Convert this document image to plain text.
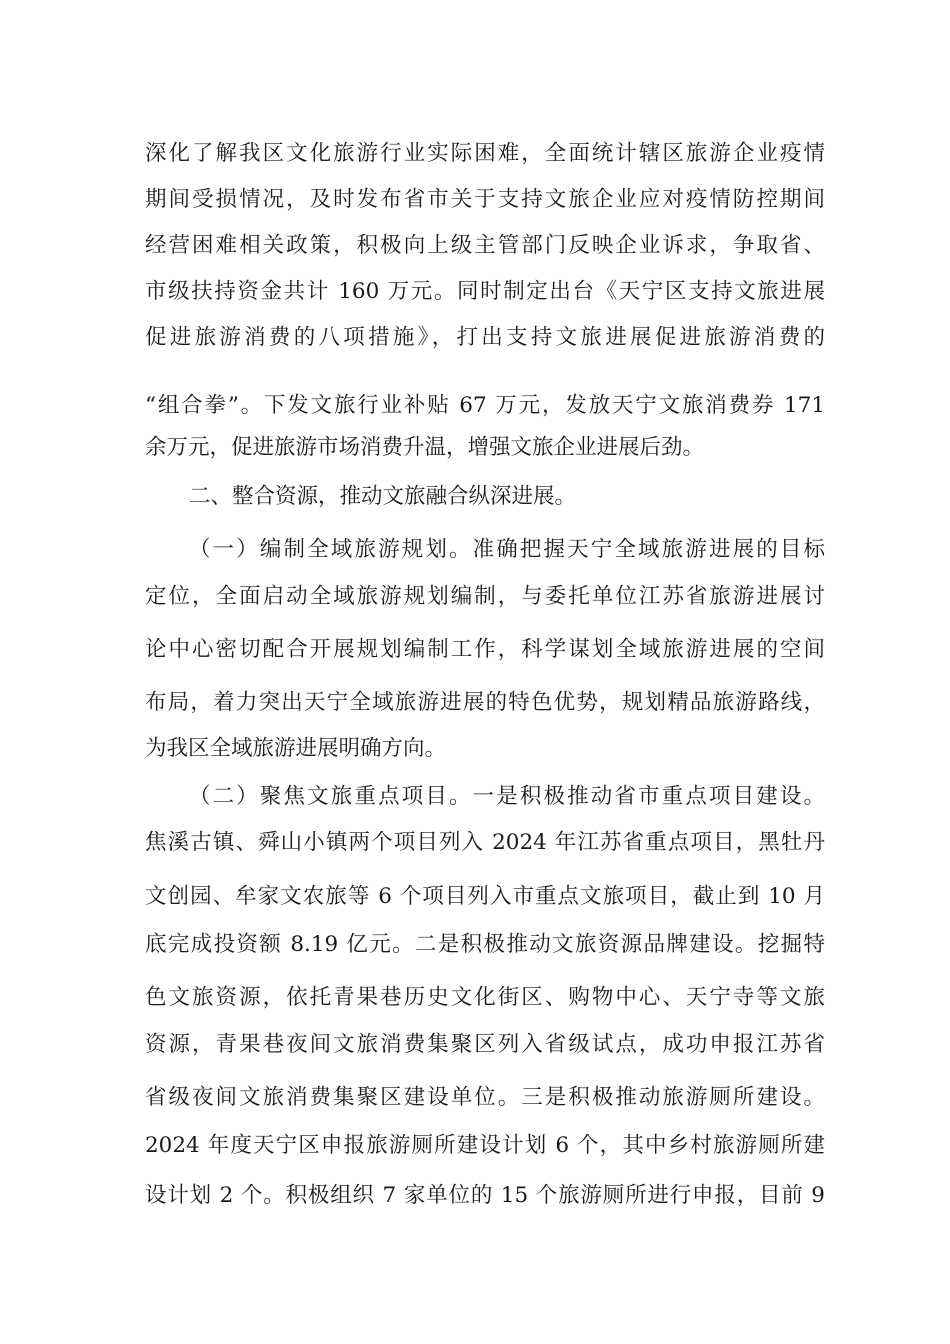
深化了解我区文化旅游行业实际困难，全面统计辖区旅游企业疫情
期间受损情况，及时发布省市关于支持文旅企业应对疫情防控期间
经营困难相关政策，积极向上级主管部门反映企业诉求，争取省、
市级扶持资金共计 160 万元。同时制定出台《天宁区支持文旅进展
促进旅游消费的八项措施》，打出支持文旅进展促进旅游消费的
“组合拳”。下发文旅行业补贴 67 万元，发放天宁文旅消费券 171
余万元，促进旅游市场消费升温，增强文旅企业进展后劲。
二、整合资源，推动文旅融合纵深进展。
（一）编制全域旅游规划。准确把握天宁全域旅游进展的目标
定位，全面启动全域旅游规划编制，与委托单位江苏省旅游进展讨
论中心密切配合开展规划编制工作，科学谋划全域旅游进展的空间
布局，着力突出天宁全域旅游进展的特色优势，规划精品旅游路线，
为我区全域旅游进展明确方向。
（二）聚焦文旅重点项目。一是积极推动省市重点项目建设。
焦溪古镇、舜山小镇两个项目列入 2024 年江苏省重点项目，黑牡丹
文创园、牟家文农旅等 6 个项目列入市重点文旅项目，截止到 10 月
底完成投资额 8.19 亿元。二是积极推动文旅资源品牌建设。挖掘特
色文旅资源，依托青果巷历史文化街区、购物中心、天宁寺等文旅
资源，青果巷夜间文旅消费集聚区列入省级试点，成功申报江苏省
省级夜间文旅消费集聚区建设单位。三是积极推动旅游厕所建设。
2024 年度天宁区申报旅游厕所建设计划 6 个，其中乡村旅游厕所建
设计划 2 个。积极组织 7 家单位的 15 个旅游厕所进行申报，目前 9
